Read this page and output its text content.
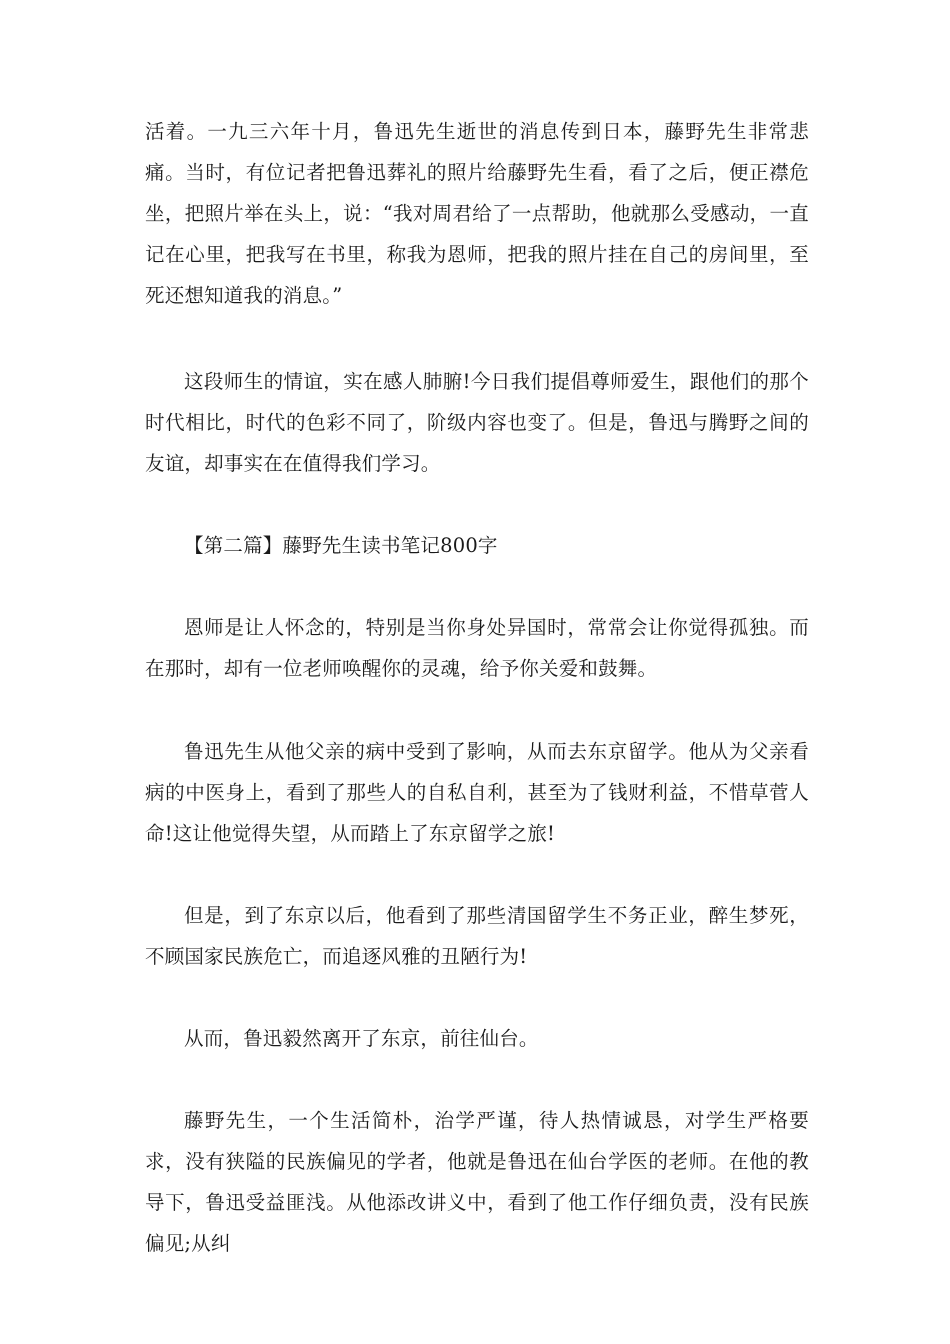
活着。一九三六年十月，鲁迅先生逝世的消息传到日本，藤野先生非常悲痛。当时，有位记者把鲁迅葬礼的照片给藤野先生看，看了之后，便正襟危坐，把照片举在头上，说：“我对周君给了一点帮助，他就那么受感动，一直记在心里，把我写在书里，称我为恩师，把我的照片挂在自己的房间里，至死还想知道我的消息。”

这段师生的情谊，实在感人肺腑!今日我们提倡尊师爱生，跟他们的那个时代相比，时代的色彩不同了，阶级内容也变了。但是，鲁迅与腾野之间的友谊，却事实在在值得我们学习。

【第二篇】藤野先生读书笔记800字

恩师是让人怀念的，特别是当你身处异国时，常常会让你觉得孤独。而在那时，却有一位老师唤醒你的灵魂，给予你关爱和鼓舞。

鲁迅先生从他父亲的病中受到了影响，从而去东京留学。他从为父亲看病的中医身上，看到了那些人的自私自利，甚至为了钱财利益，不惜草菅人命!这让他觉得失望，从而踏上了东京留学之旅!

但是，到了东京以后，他看到了那些清国留学生不务正业，醉生梦死，不顾国家民族危亡，而追逐风雅的丑陋行为!

从而，鲁迅毅然离开了东京，前往仙台。

藤野先生，一个生活简朴，治学严谨，待人热情诚恳，对学生严格要求，没有狭隘的民族偏见的学者，他就是鲁迅在仙台学医的老师。在他的教导下，鲁迅受益匪浅。从他添改讲义中，看到了他工作仔细负责，没有民族偏见;从纠
